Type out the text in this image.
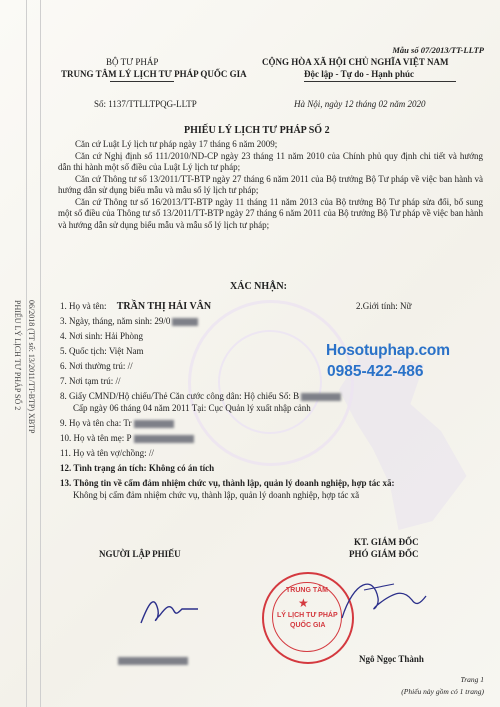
PHIẾU LÝ LỊCH TƯ PHÁP SỐ 2 06/2018 (TT số: 13/2011/TT-BTP) XBTP
BỘ TƯ PHÁP
TRUNG TÂM LÝ LỊCH TƯ PHÁP QUỐC GIA
Mẫu số 07/2013/TT-LLTP
CỘNG HÒA XÃ HỘI CHỦ NGHĨA VIỆT NAM
Độc lập - Tự do - Hạnh phúc
Số: 1137/TTLLTPQG-LLTP	Hà Nội, ngày 12 tháng 02 năm 2020
PHIẾU LÝ LỊCH TƯ PHÁP SỐ 2
Căn cứ Luật Lý lịch tư pháp ngày 17 tháng 6 năm 2009;
Căn cứ Nghị định số 111/2010/ND-CP ngày 23 tháng 11 năm 2010 của Chính phủ quy định chi tiết và hướng dẫn thi hành một số điều của Luật Lý lịch tư pháp;
Căn cứ Thông tư số 13/2011/TT-BTP ngày 27 tháng 6 năm 2011 của Bộ trưởng Bộ Tư pháp về việc ban hành và hướng dẫn sử dụng biểu mẫu và mẫu sổ lý lịch tư pháp;
Căn cứ Thông tư số 16/2013/TT-BTP ngày 11 tháng 11 năm 2013 của Bộ trưởng Bộ Tư pháp sửa đổi, bổ sung một số điều của Thông tư số 13/2011/TT-BTP ngày 27 tháng 6 năm 2011 của Bộ trưởng Bộ Tư pháp về việc ban hành và hướng dẫn sử dụng biểu mẫu và mẫu sổ lý lịch tư pháp;
XÁC NHẬN:
1. Họ và tên: TRẦN THỊ HẢI VÂN	2.Giới tính: Nữ
3. Ngày, tháng, năm sinh: 29/0
4. Nơi sinh: Hải Phòng
5. Quốc tịch: Việt Nam
6. Nơi thường trú: //
7. Nơi tạm trú: //
8. Giấy CMND/Hộ chiếu/Thẻ Căn cước công dân: Hộ chiếu Số: B
Cấp ngày 06 tháng 04 năm 2011 Tại: Cục Quản lý xuất nhập cảnh
9. Họ và tên cha: Tr
10. Họ và tên mẹ: P
11. Họ và tên vợ/chồng: //
12. Tình trạng án tích: Không có án tích
13. Thông tin về cấm đảm nhiệm chức vụ, thành lập, quản lý doanh nghiệp, hợp tác xã:
Không bị cấm đảm nhiệm chức vụ, thành lập, quản lý doanh nghiệp, hợp tác xã
Hosotuphap.com
0985-422-486
NGƯỜI LẬP PHIẾU
KT. GIÁM ĐỐC
PHÓ GIÁM ĐỐC
★
TRUNG TÂM
LÝ LỊCH TƯ PHÁP
QUỐC GIA
Ngô Ngọc Thành
Trang 1
(Phiếu này gồm có 1 trang)
